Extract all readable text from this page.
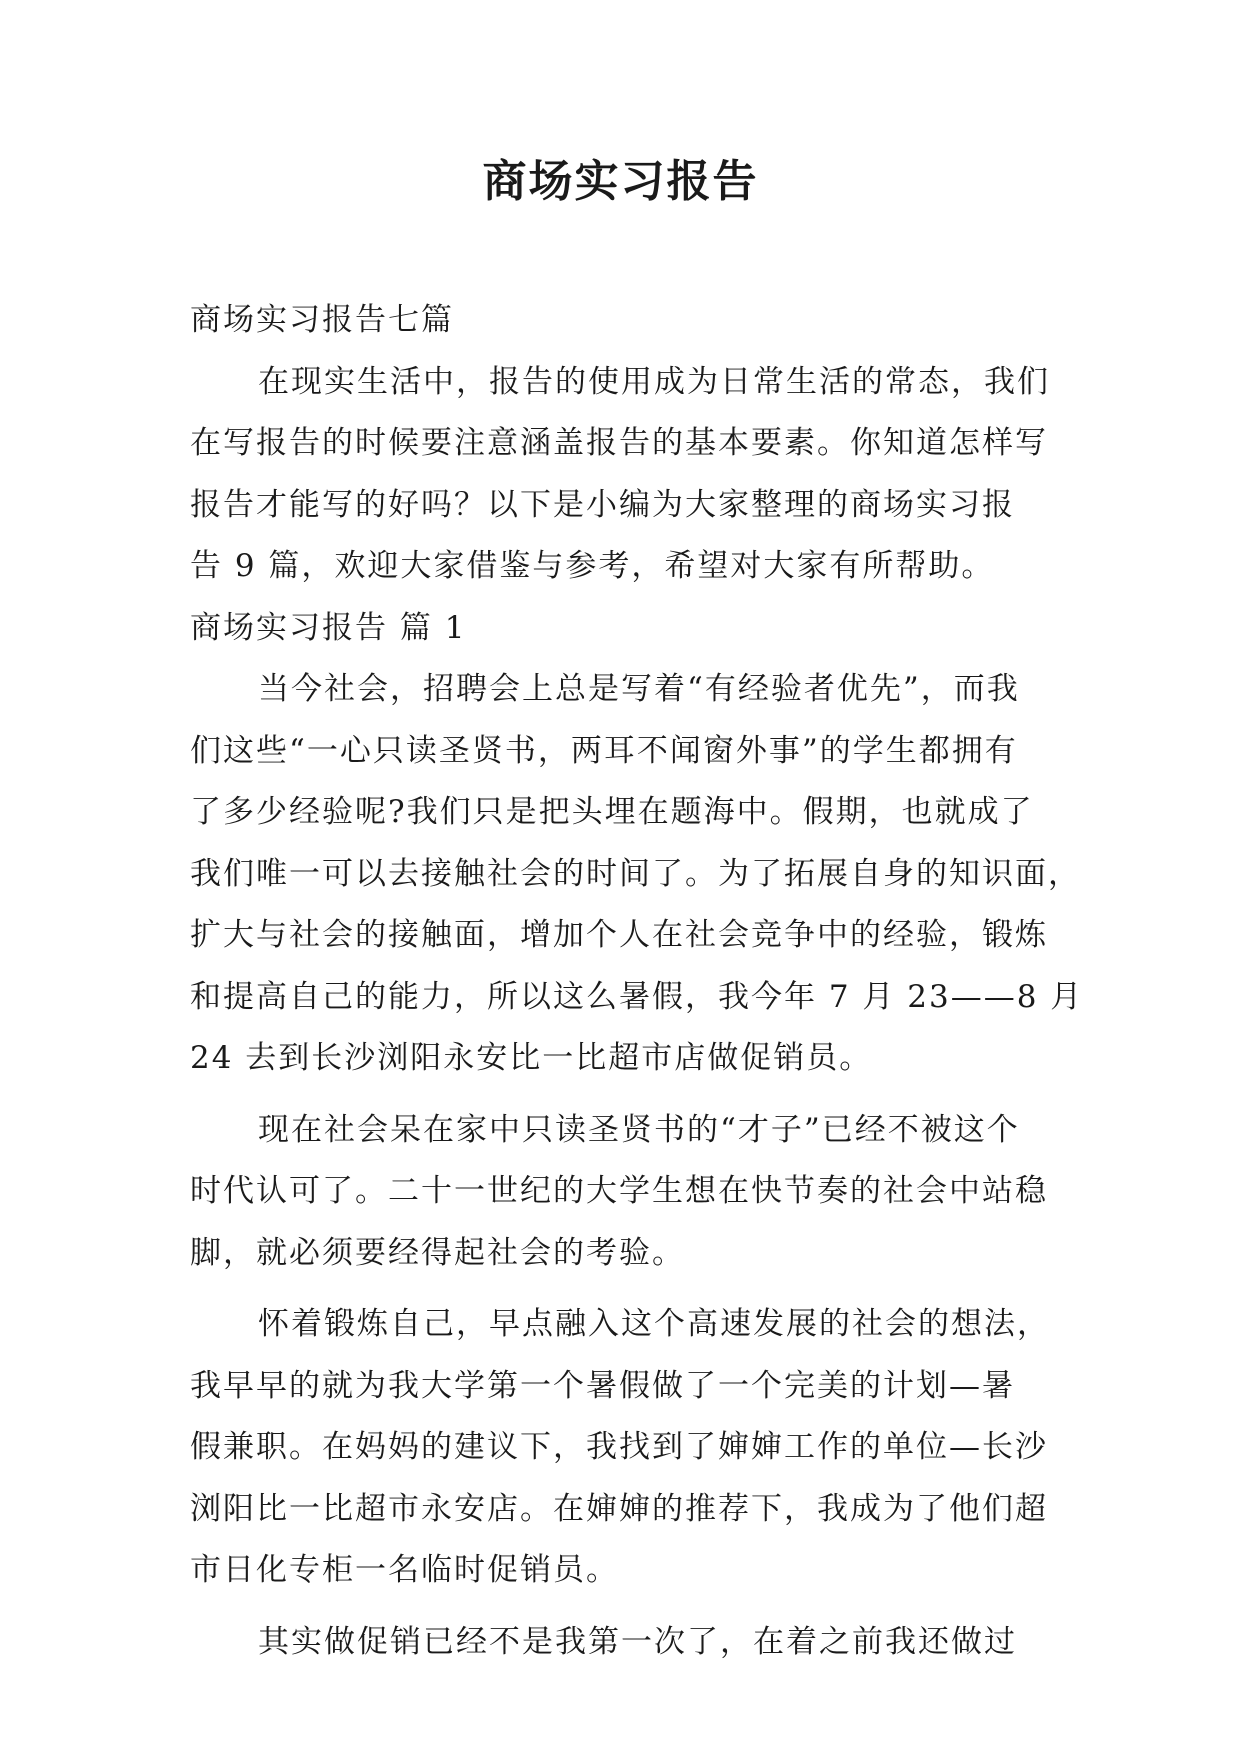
商场实习报告
商场实习报告七篇
在现实生活中，报告的使用成为日常生活的常态，我们
在写报告的时候要注意涵盖报告的基本要素。你知道怎样写
报告才能写的好吗？以下是小编为大家整理的商场实习报
告 9 篇，欢迎大家借鉴与参考，希望对大家有所帮助。
商场实习报告 篇 1
当今社会，招聘会上总是写着“有经验者优先”，而我
们这些“一心只读圣贤书，两耳不闻窗外事”的学生都拥有
了多少经验呢?我们只是把头埋在题海中。假期，也就成了
我们唯一可以去接触社会的时间了。为了拓展自身的知识面，
扩大与社会的接触面，增加个人在社会竞争中的经验，锻炼
和提高自己的能力，所以这么暑假，我今年 7 月 23——8 月
24 去到长沙浏阳永安比一比超市店做促销员。
现在社会呆在家中只读圣贤书的“才子”已经不被这个
时代认可了。二十一世纪的大学生想在快节奏的社会中站稳
脚，就必须要经得起社会的考验。
怀着锻炼自己，早点融入这个高速发展的社会的想法，
我早早的就为我大学第一个暑假做了一个完美的计划—暑
假兼职。在妈妈的建议下，我找到了婶婶工作的单位—长沙
浏阳比一比超市永安店。在婶婶的推荐下，我成为了他们超
市日化专柜一名临时促销员。
其实做促销已经不是我第一次了，在着之前我还做过
